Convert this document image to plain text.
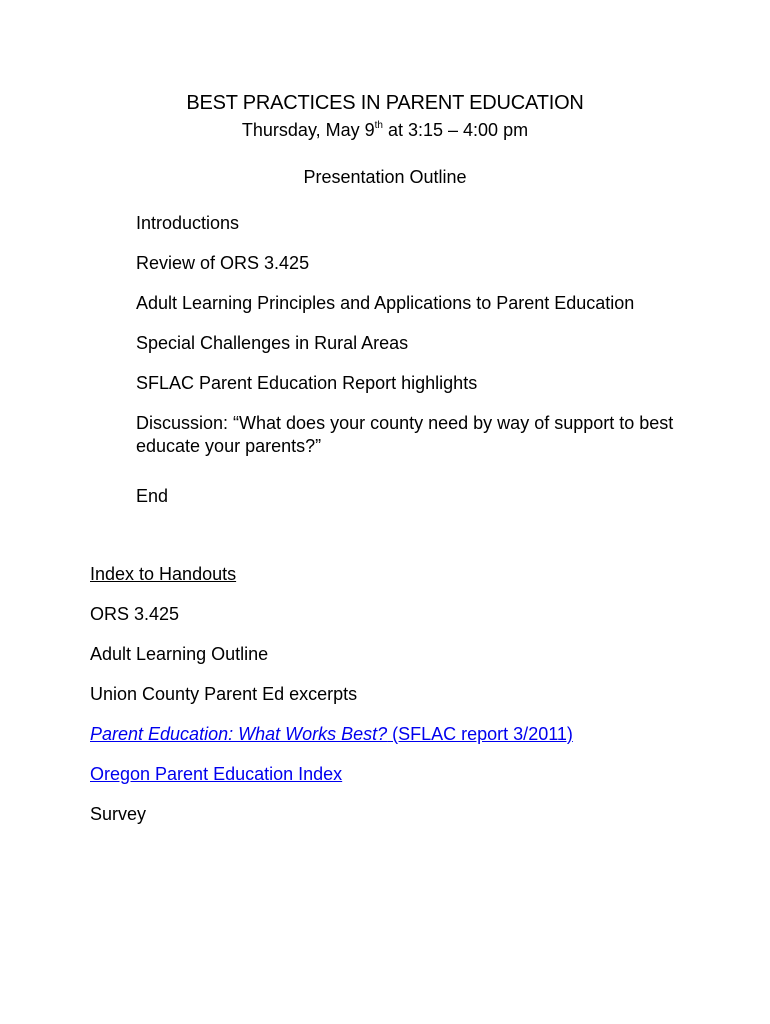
BEST PRACTICES IN PARENT EDUCATION
Thursday, May 9th at 3:15 – 4:00 pm
Presentation Outline
Introductions
Review of ORS 3.425
Adult Learning Principles and Applications to Parent Education
Special Challenges in Rural Areas
SFLAC Parent Education Report highlights
Discussion: “What does your county need by way of support to best educate your parents?”
End
Index to Handouts
ORS 3.425
Adult Learning Outline
Union County Parent Ed excerpts
Parent Education: What Works Best? (SFLAC report 3/2011)
Oregon Parent Education Index
Survey
